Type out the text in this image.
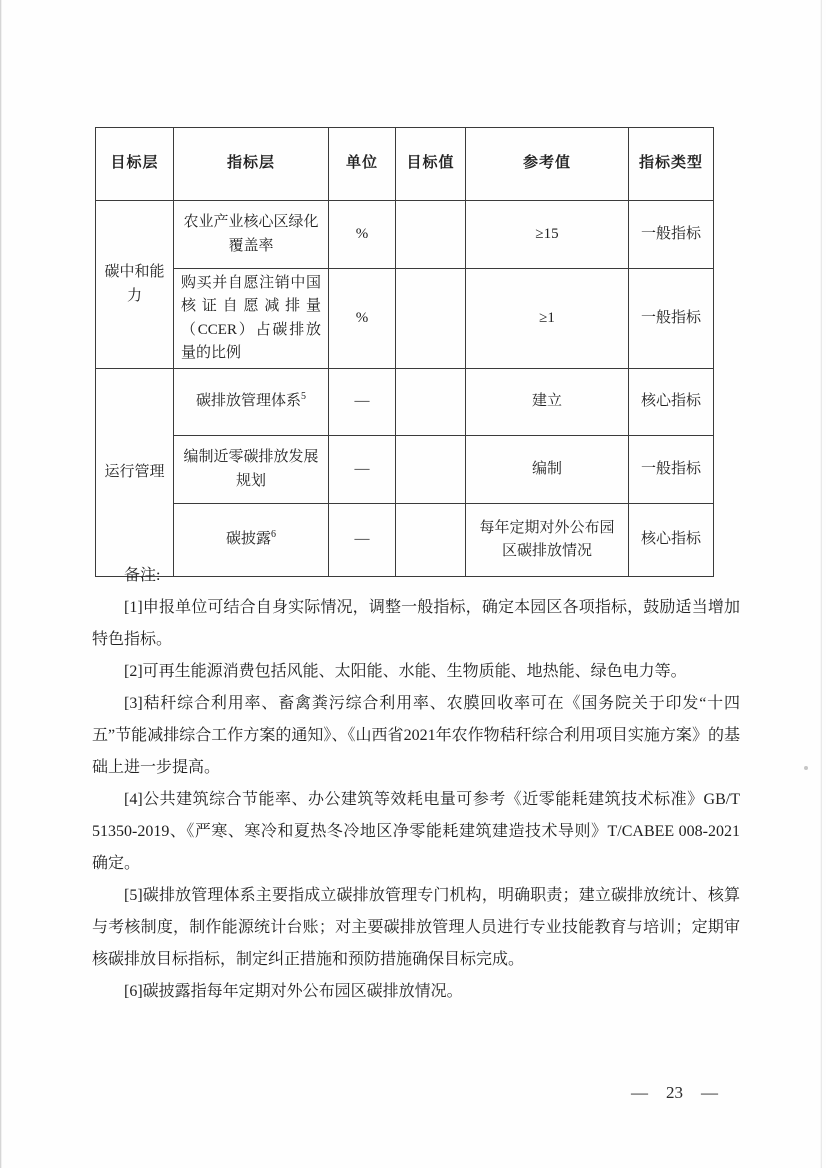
目标层	指标层	单位	目标值	参考值	指标类型
碳中和能力	农业产业核心区绿化覆盖率	%		≥15	一般指标
	购买并自愿注销中国核证自愿减排量（CCER）占碳排放量的比例	%		≥1	一般指标
运行管理	碳排放管理体系$^5$	—		建立	核心指标
	编制近零碳排放发展规划	—		编制	一般指标
	碳披露$^6$	—		每年定期对外公布园区碳排放情况	核心指标

备注:

[1]申报单位可结合自身实际情况，调整一般指标，确定本园区各项指标，鼓励适当增加特色指标。

[2]可再生能源消费包括风能、太阳能、水能、生物质能、地热能、绿色电力等。

[3]秸秆综合利用率、畜禽粪污综合利用率、农膜回收率可在《国务院关于印发“十四五”节能减排综合工作方案的通知》、《山西省2021年农作物秸秆综合利用项目实施方案》的基础上进一步提高。

[4]公共建筑综合节能率、办公建筑等效耗电量可参考《近零能耗建筑技术标准》GB/T 51350-2019、《严寒、寒冷和夏热冬冷地区净零能耗建筑建造技术导则》T/CABEE 008-2021确定。

[5]碳排放管理体系主要指成立碳排放管理专门机构，明确职责；建立碳排放统计、核算与考核制度，制作能源统计台账；对主要碳排放管理人员进行专业技能教育与培训；定期审核碳排放目标指标，制定纠正措施和预防措施确保目标完成。

[6]碳披露指每年定期对外公布园区碳排放情况。

— 23 —
